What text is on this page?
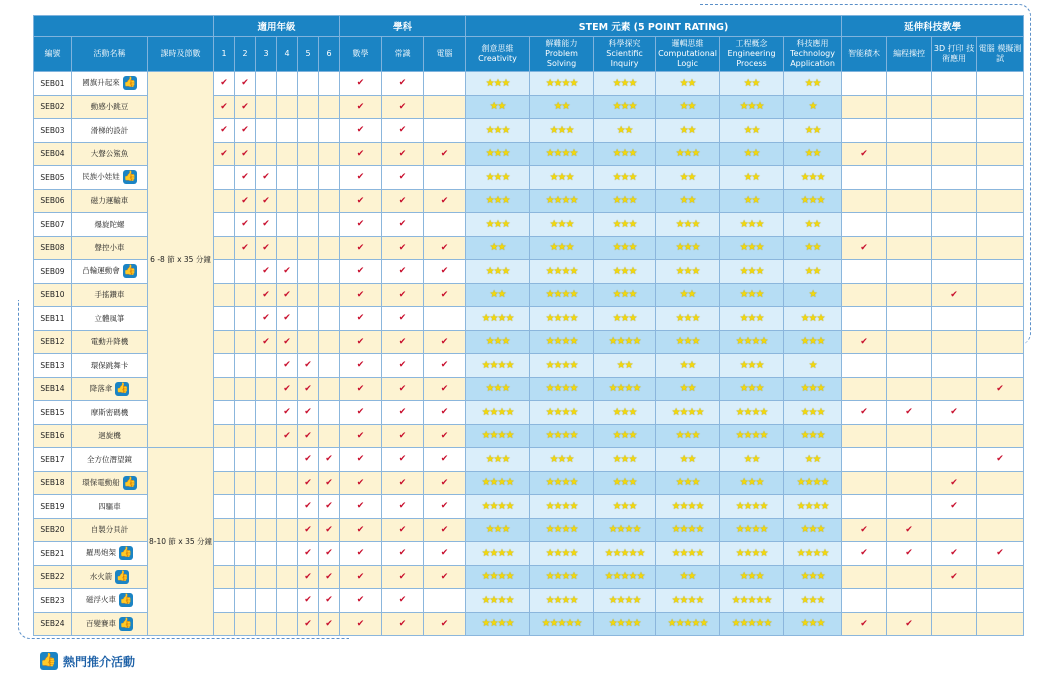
			適用年級						學科			STEM 元素 (5 POINT RATING)						延伸科技教學			
編號	活動名稱	課時及節數	1	2	3	4	5	6	數學	常識	電腦	創意思維 Creativity	解難能力 Problem Solving	科學探究 Scientific Inquiry	邏輯思維 Computational Logic	工程概念 Engineering Process	科技應用 Technology Application	智能積木	編程操控	3D 打印 技術應用	電腦 模擬測試
SEB01	國旗升起來 👍	6 -8 節 x 35 分鐘	✔	✔					✔	✔		★★★	★★★★	★★★	★★	★★	★★				
SEB02	動感小跳豆		✔	✔					✔	✔		★★	★★	★★★	★★	★★★	★				
SEB03	滑梯的設計		✔	✔					✔	✔		★★★	★★★	★★	★★	★★	★★				
SEB04	大聲公鯊魚		✔	✔					✔	✔	✔	★★★	★★★★	★★★	★★★	★★	★★	✔			
SEB05	民族小娃娃 👍			✔	✔				✔	✔		★★★	★★★	★★★	★★	★★	★★★				
SEB06	磁力運輸車			✔	✔				✔	✔	✔	★★★	★★★★	★★★	★★	★★	★★★				
SEB07	爆旋陀螺			✔	✔				✔	✔		★★★	★★★	★★★	★★★	★★★	★★				
SEB08	聲控小車			✔	✔				✔	✔	✔	★★	★★★	★★★	★★★	★★★	★★	✔			
SEB09	凸輪運動會 👍				✔	✔			✔	✔	✔	★★★	★★★★	★★★	★★★	★★★	★★				
SEB10	手搖鑽車				✔	✔			✔	✔	✔	★★	★★★★	★★★	★★	★★★	★			✔	
SEB11	立體風箏				✔	✔			✔	✔		★★★★	★★★★	★★★	★★★	★★★	★★★				
SEB12	電動升降機				✔	✔			✔	✔	✔	★★★	★★★★	★★★★	★★★	★★★★	★★★	✔			
SEB13	環保跳舞卡					✔	✔		✔	✔	✔	★★★★	★★★★	★★	★★	★★★	★				
SEB14	降落傘 👍					✔	✔		✔	✔	✔	★★★	★★★★	★★★★	★★	★★★	★★★				✔
SEB15	摩斯密碼機					✔	✔		✔	✔	✔	★★★★	★★★★	★★★	★★★★	★★★★	★★★	✔	✔	✔	
SEB16	迴旋機					✔	✔		✔	✔	✔	★★★★	★★★★	★★★	★★★	★★★★	★★★				
SEB17	全方位潛望鏡	8-10 節 x 35 分鐘					✔	✔	✔	✔	✔	★★★	★★★	★★★	★★	★★	★★				✔
SEB18	環保電動船 👍						✔	✔	✔	✔	✔	★★★★	★★★★	★★★	★★★	★★★	★★★★			✔	
SEB19	四驅車						✔	✔	✔	✔	✔	★★★★	★★★★	★★★	★★★★	★★★★	★★★★			✔	
SEB20	自製分貝計						✔	✔	✔	✔	✔	★★★	★★★★	★★★★	★★★★	★★★★	★★★	✔	✔		
SEB21	羅馬炮架 👍						✔	✔	✔	✔	✔	★★★★	★★★★	★★★★★	★★★★	★★★★	★★★★	✔	✔	✔	✔
SEB22	水火箭 👍						✔	✔	✔	✔	✔	★★★★	★★★★	★★★★★	★★	★★★	★★★			✔	
SEB23	磁浮火車 👍						✔	✔	✔	✔		★★★★	★★★★	★★★★	★★★★	★★★★★	★★★				
SEB24	百變賽車 👍						✔	✔	✔	✔	✔	★★★★	★★★★★	★★★★	★★★★★	★★★★★	★★★	✔	✔		
👍 熱門推介活動
